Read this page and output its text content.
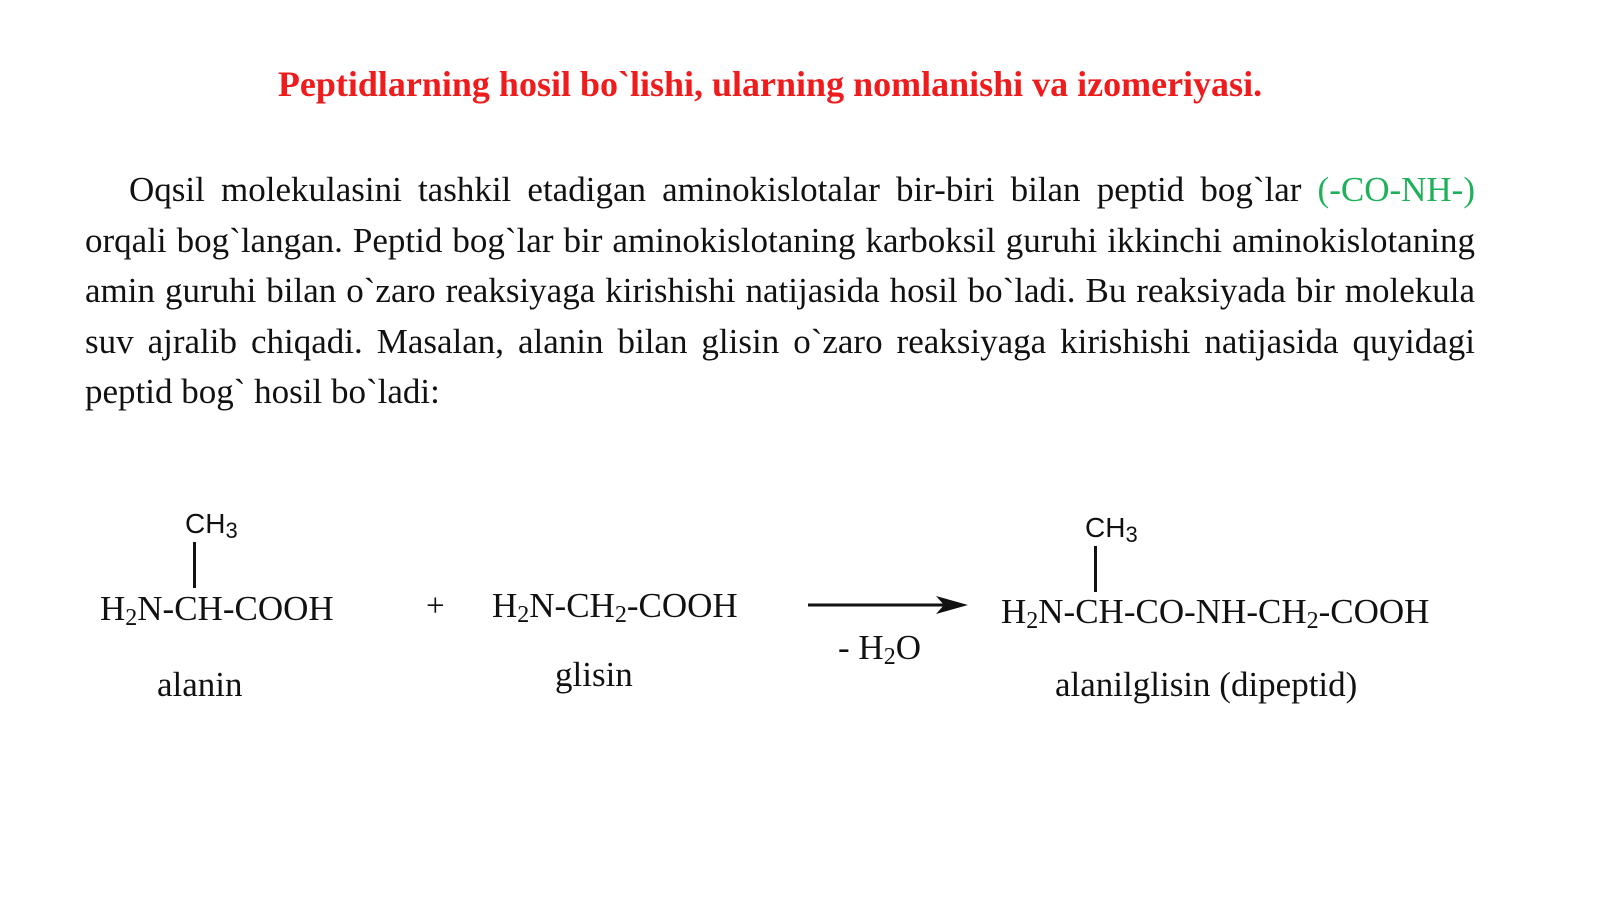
Peptidlarning hosil bo`lishi, ularning nomlanishi va izomeriyasi.

Oqsil molekulasini tashkil etadigan aminokislotalar bir-biri bilan peptid bog`lar (-CO-NH-) orqali bog`langan. Peptid bog`lar bir aminokislotaning karboksil guruhi ikkinchi aminokislotaning amin guruhi bilan o`zaro reaksiyaga kirishishi natijasida hosil bo`ladi. Bu reaksiyada bir molekula suv ajralib chiqadi. Masalan, alanin bilan glisin o`zaro reaksiyaga kirishishi natijasida quyidagi peptid bog` hosil bo`ladi:

$CH_3$
$H_2N-CH$-COOH
alanin
+ $H_2N-CH_2$-COOH
glisin
- $H_2O$
$CH_3$
$H_2N-CH-CO-NH-CH_2$-COOH
alanilglisin (dipeptid)
